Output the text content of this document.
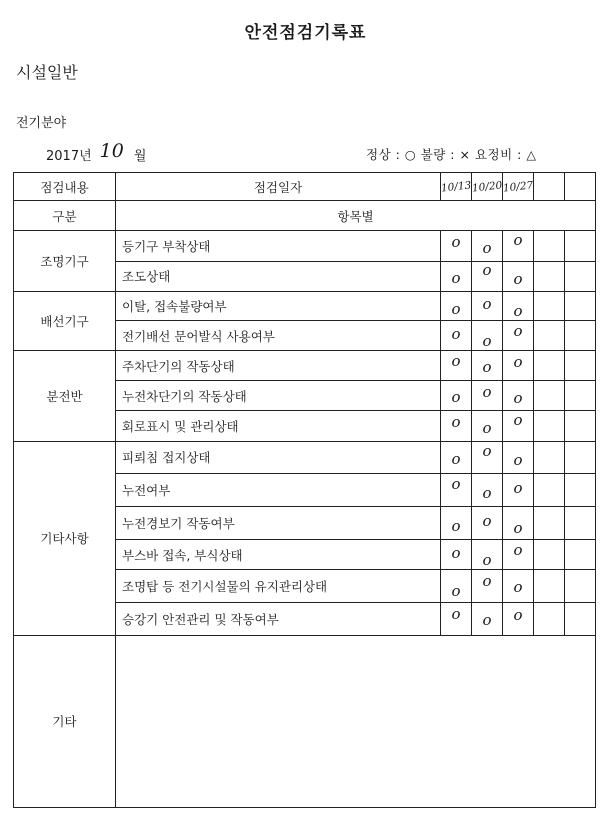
안전점검기록표
시설일반
전기분야
2017년 10 월	정상 : ○ 불량 : × 요정비 : △
점검내용	점검일자	10/13	10/20	10/27		
구분	항목별					
조명기구	등기구 부착상태	o	o	o		
	조도상태	o	o	o		
배선기구	이탈, 접속불량여부	o	o	o		
	전기배선 문어발식 사용여부	o	o	o		
분전반	주차단기의 작동상태	o	o	o		
	누전차단기의 작동상태	o	o	o		
	회로표시 및 관리상태	o	o	o		
기타사항	피뢰침 접지상태	o	o	o		
	누전여부	o	o	o		
	누전경보기 작동여부	o	o	o		
	부스바 접속, 부식상태	o	o	o		
	조명탑 등 전기시설물의 유지관리상태	o	o	o		
	승강기 안전관리 및 작동여부	o	o	o		
기타						
